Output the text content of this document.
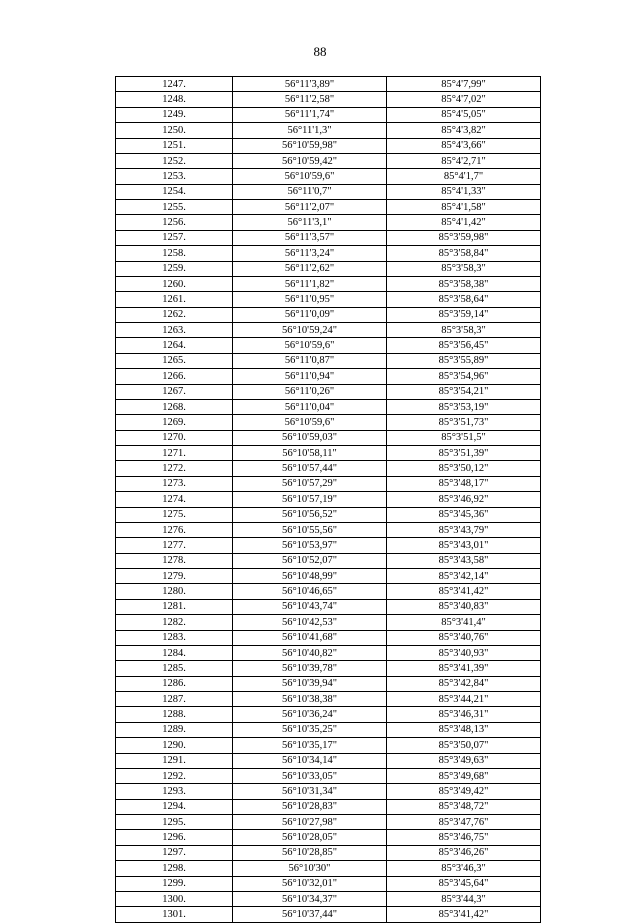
88
1247.	56°11'3,89"	85°4'7,99"
1248.	56°11'2,58"	85°4'7,02"
1249.	56°11'1,74"	85°4'5,05"
1250.	56°11'1,3"	85°4'3,82"
1251.	56°10'59,98"	85°4'3,66"
1252.	56°10'59,42"	85°4'2,71"
1253.	56°10'59,6"	85°4'1,7"
1254.	56°11'0,7"	85°4'1,33"
1255.	56°11'2,07"	85°4'1,58"
1256.	56°11'3,1"	85°4'1,42"
1257.	56°11'3,57"	85°3'59,98"
1258.	56°11'3,24"	85°3'58,84"
1259.	56°11'2,62"	85°3'58,3"
1260.	56°11'1,82"	85°3'58,38"
1261.	56°11'0,95"	85°3'58,64"
1262.	56°11'0,09"	85°3'59,14"
1263.	56°10'59,24"	85°3'58,3"
1264.	56°10'59,6"	85°3'56,45"
1265.	56°11'0,87"	85°3'55,89"
1266.	56°11'0,94"	85°3'54,96"
1267.	56°11'0,26"	85°3'54,21"
1268.	56°11'0,04"	85°3'53,19"
1269.	56°10'59,6"	85°3'51,73"
1270.	56°10'59,03"	85°3'51,5"
1271.	56°10'58,11"	85°3'51,39"
1272.	56°10'57,44"	85°3'50,12"
1273.	56°10'57,29"	85°3'48,17"
1274.	56°10'57,19"	85°3'46,92"
1275.	56°10'56,52"	85°3'45,36"
1276.	56°10'55,56"	85°3'43,79"
1277.	56°10'53,97"	85°3'43,01"
1278.	56°10'52,07"	85°3'43,58"
1279.	56°10'48,99"	85°3'42,14"
1280.	56°10'46,65"	85°3'41,42"
1281.	56°10'43,74"	85°3'40,83"
1282.	56°10'42,53"	85°3'41,4"
1283.	56°10'41,68"	85°3'40,76"
1284.	56°10'40,82"	85°3'40,93"
1285.	56°10'39,78"	85°3'41,39"
1286.	56°10'39,94"	85°3'42,84"
1287.	56°10'38,38"	85°3'44,21"
1288.	56°10'36,24"	85°3'46,31"
1289.	56°10'35,25"	85°3'48,13"
1290.	56°10'35,17"	85°3'50,07"
1291.	56°10'34,14"	85°3'49,63"
1292.	56°10'33,05"	85°3'49,68"
1293.	56°10'31,34"	85°3'49,42"
1294.	56°10'28,83"	85°3'48,72"
1295.	56°10'27,98"	85°3'47,76"
1296.	56°10'28,05"	85°3'46,75"
1297.	56°10'28,85"	85°3'46,26"
1298.	56°10'30"	85°3'46,3"
1299.	56°10'32,01"	85°3'45,64"
1300.	56°10'34,37"	85°3'44,3"
1301.	56°10'37,44"	85°3'41,42"
